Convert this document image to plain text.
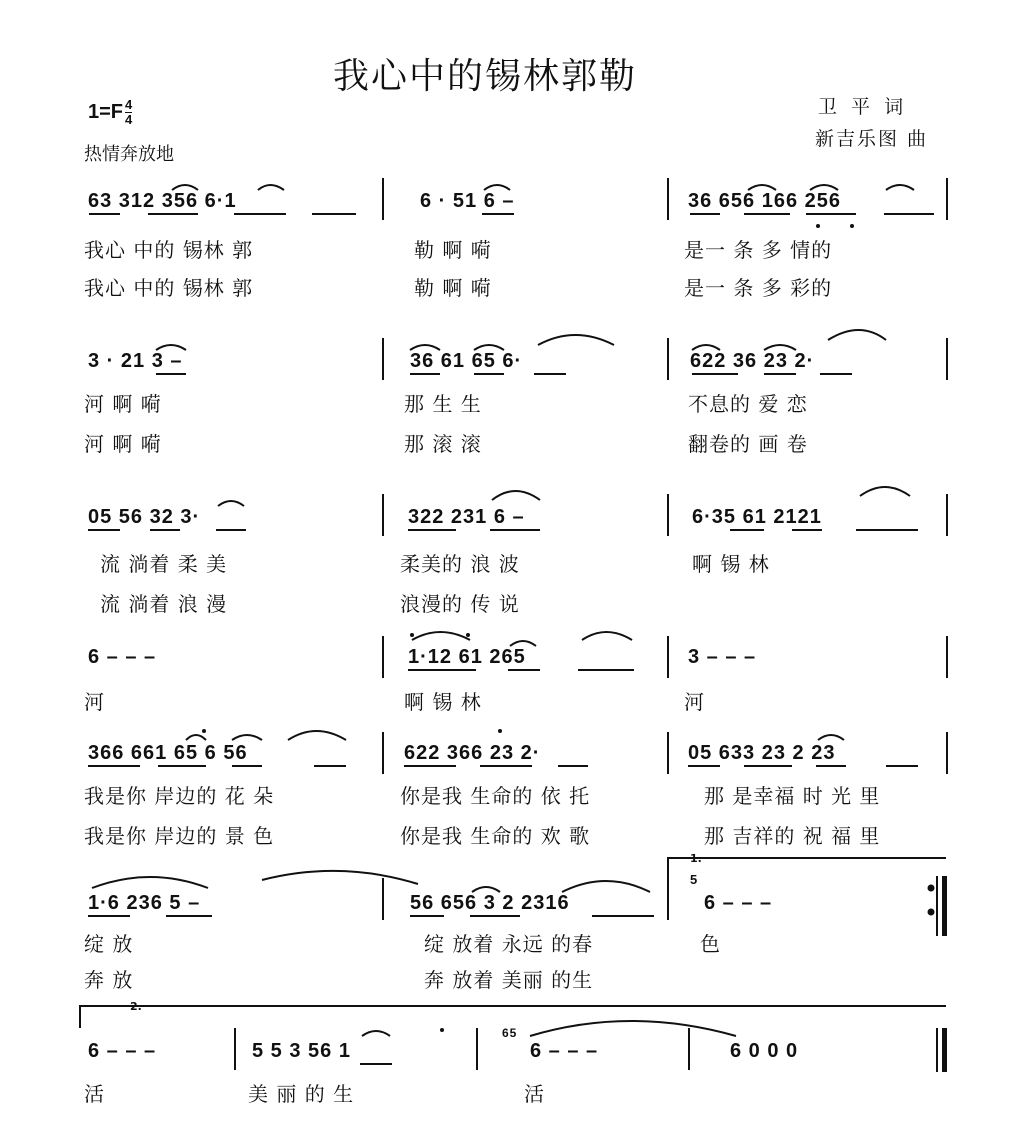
我心中的锡林郭勒
$1=F \frac{4}{4}$
热情奔放地
卫 平 词
新吉乐图 曲
63 312 356 6·1	6 · 51 6 –	36 656 166 256
我心 中的 锡林 郭	勒 啊 嗬	是一 条 多 情的
我心 中的 锡林 郭	勒 啊 嗬	是一 条 多 彩的
3 · 21 3 –	36 61 65 6·	622 36 23 2·
河 啊 嗬	那 生 生	不息的 爱 恋
河 啊 嗬	那 滚 滚	翻卷的 画 卷
05 56 32 3·	322 231 6 –	6·35 61 2121
流 淌着 柔 美	柔美的 浪 波	啊 锡 林
流 淌着 浪 漫	浪漫的 传 说
6 – – –	1·12 61 265	3 – – –
河	啊 锡 林	河
366 661 65 6 56	622 366 23 2·	05 633 23 2 23
我是你 岸边的 花 朵	你是我 生命的 依 托	那 是幸福 时 光 里
我是你 岸边的 景 色	你是我 生命的 欢 歌	那 吉祥的 祝 福 里
1·6 236 5 –	56 656 3 2 2316	6 – – –
5
绽 放	绽 放着 永远 的春	色
奔 放	奔 放着 美丽 的生
1.
6 – – –	5 5 3 56 1	6 – – –	6 0 0 0
65
活	美 丽 的 生	活
2.
